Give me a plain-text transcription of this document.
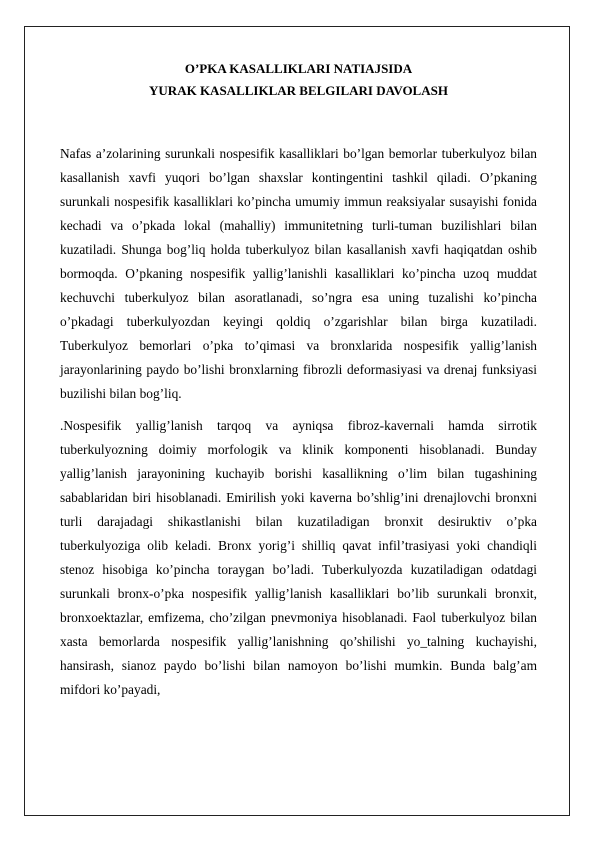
O’PKA KASALLIKLARI NATIAJSIDA
YURAK KASALLIKLAR BELGILARI DAVOLASH

Nafas a’zolarining surunkali nospesifik kasalliklari bo’lgan bemorlar tuberkulyoz bilan kasallanish xavfi yuqori bo’lgan shaxslar kontingentini tashkil qiladi. O’pkaning surunkali nospesifik kasalliklari ko’pincha umumiy immun reaksiyalar susayishi fonida kechadi va o’pkada lokal (mahalliy) immunitetning turli-tuman buzilishlari bilan kuzatiladi. Shunga bog’liq holda tuberkulyoz bilan kasallanish xavfi haqiqatdan oshib bormoqda. O’pkaning nospesifik yallig’lanishli kasalliklari ko’pincha uzoq muddat kechuvchi tuberkulyoz bilan asoratlanadi, so’ngra esa uning tuzalishi ko’pincha o’pkadagi tuberkulyozdan keyingi qoldiq o’zgarishlar bilan birga kuzatiladi. Tuberkulyoz bemorlari o’pka to’qimasi va bronxlarida nospesifik yallig’lanish jarayonlarining paydo bo’lishi bronxlarning fibrozli deformasiyasi va drenaj funksiyasi buzilishi bilan bog’liq.

.Nospesifik yallig’lanish tarqoq va ayniqsa fibroz-kavernali hamda sirrotik tuberkulyozning doimiy morfologik va klinik komponenti hisoblanadi. Bunday yallig’lanish jarayonining kuchayib borishi kasallikning o’lim bilan tugashining sabablaridan biri hisoblanadi. Emirilish yoki kaverna bo’shlig’ini drenajlovchi bronxni turli darajadagi shikastlanishi bilan kuzatiladigan bronxit desiruktiv o’pka tuberkulyoziga olib keladi. Bronx yorig’i shilliq qavat infil’trasiyasi yoki chandiqli stenoz hisobiga ko’pincha toraygan bo’ladi. Tuberkulyozda kuzatiladigan odatdagi surunkali bronx-o’pka nospesifik yallig’lanish kasalliklari bo’lib surunkali bronxit, bronxoektazlar, emfizema, cho’zilgan pnevmoniya hisoblanadi. Faol tuberkulyoz bilan xasta bemorlarda nospesifik yallig’lanishning qo’shilishi yo_talning kuchayishi, hansirash, sianoz paydo bo’lishi bilan namoyon bo’lishi mumkin. Bunda balg’am mifdori ko’payadi,
